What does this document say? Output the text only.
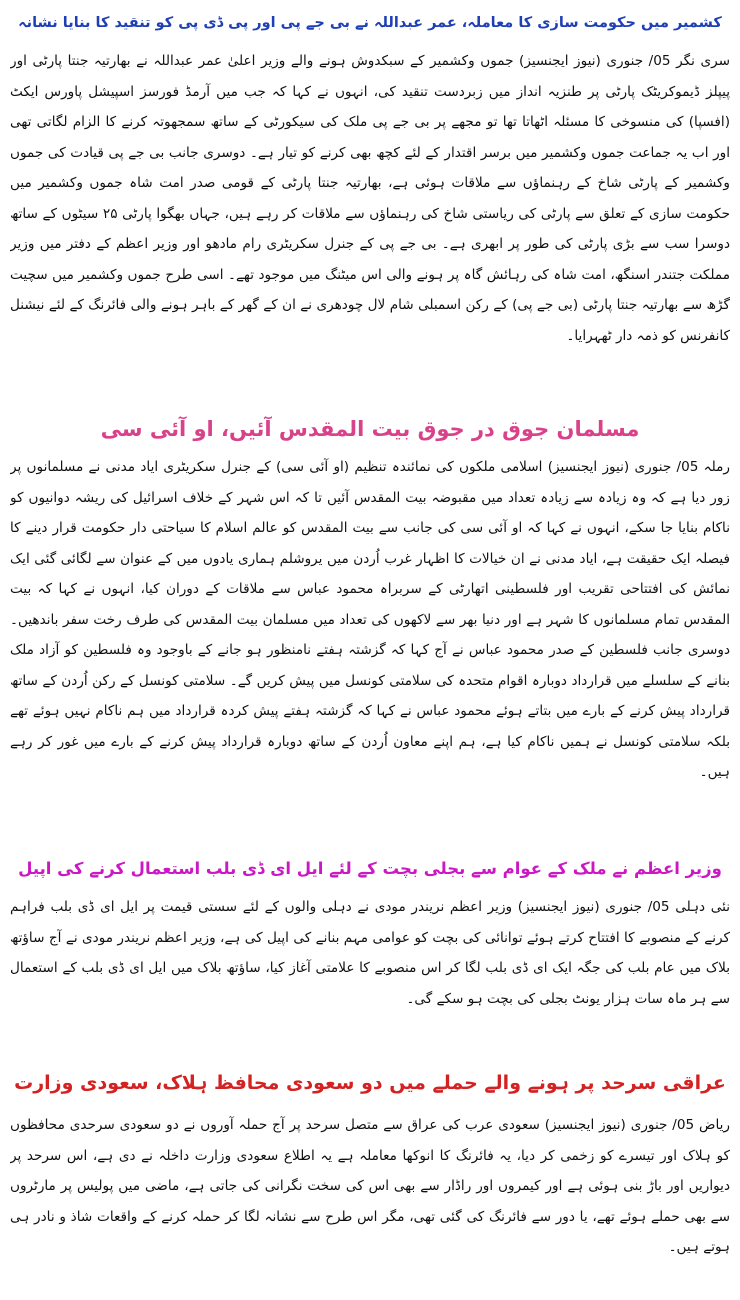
کشمیر میں حکومت سازی کا معاملہ، عمر عبداللہ نے بی جے پی اور پی ڈی پی کو تنقید کا بنایا نشانہ

سری نگر 05/ جنوری (نیوز ایجنسیز) جموں وکشمیر کے سبکدوش ہونے والے وزیر اعلیٰ عمر عبداللہ نے بھارتیہ جنتا پارٹی اور پیپلز ڈیموکریٹک پارٹی پر طنزیہ انداز میں زبردست تنقید کی، انہوں نے کہا کہ جب میں آرمڈ فورسز اسپیشل پاورس ایکٹ (افسپا) کی منسوخی کا مسئلہ اٹھاتا تھا تو مجھے پر بی جے پی ملک کی سیکورٹی کے ساتھ سمجھوتہ کرنے کا الزام لگاتی تھی اور اب یہ جماعت جموں وکشمیر میں برسر اقتدار کے لئے کچھ بھی کرنے کو تیار ہے۔ دوسری جانب بی جے پی قیادت کی جموں وکشمیر کے پارٹی شاخ کے رہنماؤں سے ملاقات ہوئی ہے، بھارتیہ جنتا پارٹی کے قومی صدر امت شاہ جموں وکشمیر میں حکومت سازی کے تعلق سے پارٹی کی ریاستی شاخ کی رہنماؤں سے ملاقات کر رہے ہیں، جہاں بھگوا پارٹی ۲۵ سیٹوں کے ساتھ دوسرا سب سے بڑی پارٹی کی طور پر ابھری ہے۔ بی جے پی کے جنرل سکریٹری رام مادھو اور وزیر اعظم کے دفتر میں وزیر مملکت جتندر اسنگھ، امت شاہ کی رہائش گاہ پر ہونے والی اس میٹنگ میں موجود تھے۔ اسی طرح جموں وکشمیر میں سچیت گڑھ سے بھارتیہ جنتا پارٹی (بی جے پی) کے رکن اسمبلی شام لال چودھری نے ان کے گھر کے باہر ہونے والی فائرنگ کے لئے نیشنل کانفرنس کو ذمہ دار ٹھہرایا۔

مسلمان جوق در جوق بیت المقدس آئیں، او آئی سی

رملہ 05/ جنوری (نیوز ایجنسیز) اسلامی ملکوں کی نمائندہ تنظیم (او آئی سی) کے جنرل سکریٹری ایاد مدنی نے مسلمانوں پر زور دیا ہے کہ وہ زیادہ سے زیادہ تعداد میں مقبوضہ بیت المقدس آئیں تا کہ اس شہر کے خلاف اسرائیل کی ریشہ دوانیوں کو ناکام بنایا جا سکے، انہوں نے کہا کہ او آئی سی کی جانب سے بیت المقدس کو عالم اسلام کا سیاحتی دار حکومت قرار دینے کا فیصلہ ایک حقیقت ہے، ایاد مدنی نے ان خیالات کا اظہار غرب اُردن میں یروشلم ہماری یادوں میں کے عنوان سے لگائی گئی ایک نمائش کی افتتاحی تقریب اور فلسطینی اتھارٹی کے سربراہ محمود عباس سے ملاقات کے دوران کیا، انہوں نے کہا کہ بیت المقدس تمام مسلمانوں کا شہر ہے اور دنیا بھر سے لاکھوں کی تعداد میں مسلمان بیت المقدس کی طرف رخت سفر باندھیں۔ دوسری جانب فلسطین کے صدر محمود عباس نے آج کہا کہ گزشتہ ہفتے نامنظور ہو جانے کے باوجود وہ فلسطین کو آزاد ملک بنانے کے سلسلے میں قرارداد دوبارہ اقوام متحدہ کی سلامتی کونسل میں پیش کریں گے۔ سلامتی کونسل کے رکن اُردن کے ساتھ قرارداد پیش کرنے کے بارے میں بتاتے ہوئے محمود عباس نے کہا کہ گزشتہ ہفتے پیش کردہ قرارداد میں ہم ناکام نہیں ہوئے تھے بلکہ سلامتی کونسل نے ہمیں ناکام کیا ہے، ہم اپنے معاون اُردن کے ساتھ دوبارہ قرارداد پیش کرنے کے بارے میں غور کر رہے ہیں۔

وزیر اعظم نے ملک کے عوام سے بجلی بچت کے لئے ایل ای ڈی بلب استعمال کرنے کی اپیل

نئی دہلی 05/ جنوری (نیوز ایجنسیز) وزیر اعظم نریندر مودی نے دہلی والوں کے لئے سستی قیمت پر ایل ای ڈی بلب فراہم کرنے کے منصوبے کا افتتاح کرتے ہوئے توانائی کی بچت کو عوامی مہم بنانے کی اپیل کی ہے، وزیر اعظم نریندر مودی نے آج ساؤتھ بلاک میں عام بلب کی جگہ ایک ای ڈی بلب لگا کر اس منصوبے کا علامتی آغاز کیا، ساؤتھ بلاک میں ایل ای ڈی بلب کے استعمال سے ہر ماہ سات ہزار یونٹ بجلی کی بچت ہو سکے گی۔

عراقی سرحد پر ہونے والے حملے میں دو سعودی محافظ ہلاک، سعودی وزارت

ریاض 05/ جنوری (نیوز ایجنسیز) سعودی عرب کی عراق سے متصل سرحد پر آج حملہ آوروں نے دو سعودی سرحدی محافظوں کو ہلاک اور تیسرے کو زخمی کر دیا، یہ فائرنگ کا انوکھا معاملہ ہے یہ اطلاع سعودی وزارت داخلہ نے دی ہے، اس سرحد پر دیواریں اور باڑ بنی ہوئی ہے اور کیمروں اور راڈار سے بھی اس کی سخت نگرانی کی جاتی ہے، ماضی میں پولیس پر مارٹروں سے بھی حملے ہوئے تھے، یا دور سے فائرنگ کی گئی تھی، مگر اس طرح سے نشانہ لگا کر حملہ کرنے کے واقعات شاذ و نادر ہی ہوتے ہیں۔
